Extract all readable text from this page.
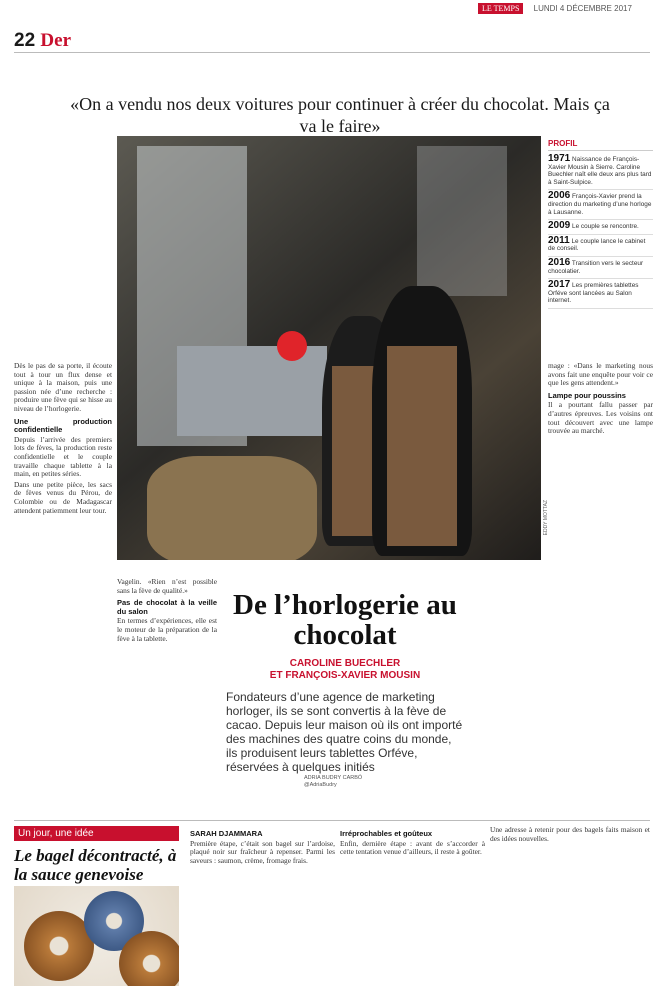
LE TEMPS LUNDI 4 DÉCEMBRE 2017
22 Der
«On a vendu nos deux voitures pour continuer à créer du chocolat. Mais ça va le faire»
EDDY MOTTAZ
PROFIL
1971 Naissance de François-Xavier Mousin à Sierre. Caroline Buechler naît elle deux ans plus tard à Saint-Sulpice.
2006 François-Xavier prend la direction du marketing d’une horloge à Lausanne.
2009 Le couple se rencontre.
2011 Le couple lance le cabinet de conseil.
2016 Transition vers le secteur chocolatier.
2017 Les premières tablettes Orféve sont lancées au Salon internet.

Dès le pas de sa porte, il écoute tout à tour un flux dense et unique à la maison, puis une passion née d’une recherche : produire une fève qui se hisse au niveau de l’horlogerie.

Une production confidentielle

Depuis l’arrivée des premiers lots de fèves, la production reste confidentielle et le couple travaille chaque tablette à la main, en petites séries.

Dans une petite pièce, les sacs de fèves venus du Pérou, de Colombie ou de Madagascar attendent patiemment leur tour.

Vagelin. «Rien n’est possible sans la fève de qualité.»

Pas de chocolat à la veille du salon

En termes d’expériences, elle est le moteur de la préparation de la fève à la tablette.

mage : «Dans le marketing nous avons fait une enquête pour voir ce que les gens attendent.»

Lampe pour poussins

Il a pourtant fallu passer par d’autres épreuves. Les voisins ont tout découvert avec une lampe trouvée au marché.

De l’horlogerie au chocolat
CAROLINE BUECHLER
ET FRANÇOIS-XAVIER MOUSIN
Fondateurs d’une agence de marketing horloger, ils se sont convertis à la fève de cacao. Depuis leur maison où ils ont importé des machines des quatre coins du monde, ils produisent leurs tablettes Orféve, réservées à quelques initiés
ADRIA BUDRY CARBÓ
@AdriaBudry
Un jour, une idée
Le bagel décontracté, à la sauce genevoise
SARAH DJAMMARA

Première étape, c’était son bagel sur l’ardoise, plaqué noir sur fraîcheur à repenser. Parmi les saveurs : saumon, crème, fromage frais.

Irréprochables et goûteux

Enfin, dernière étape : avant de s’accorder à cette tentation venue d’ailleurs, il reste à goûter.

Une adresse à retenir pour des bagels faits maison et des idées nouvelles.
